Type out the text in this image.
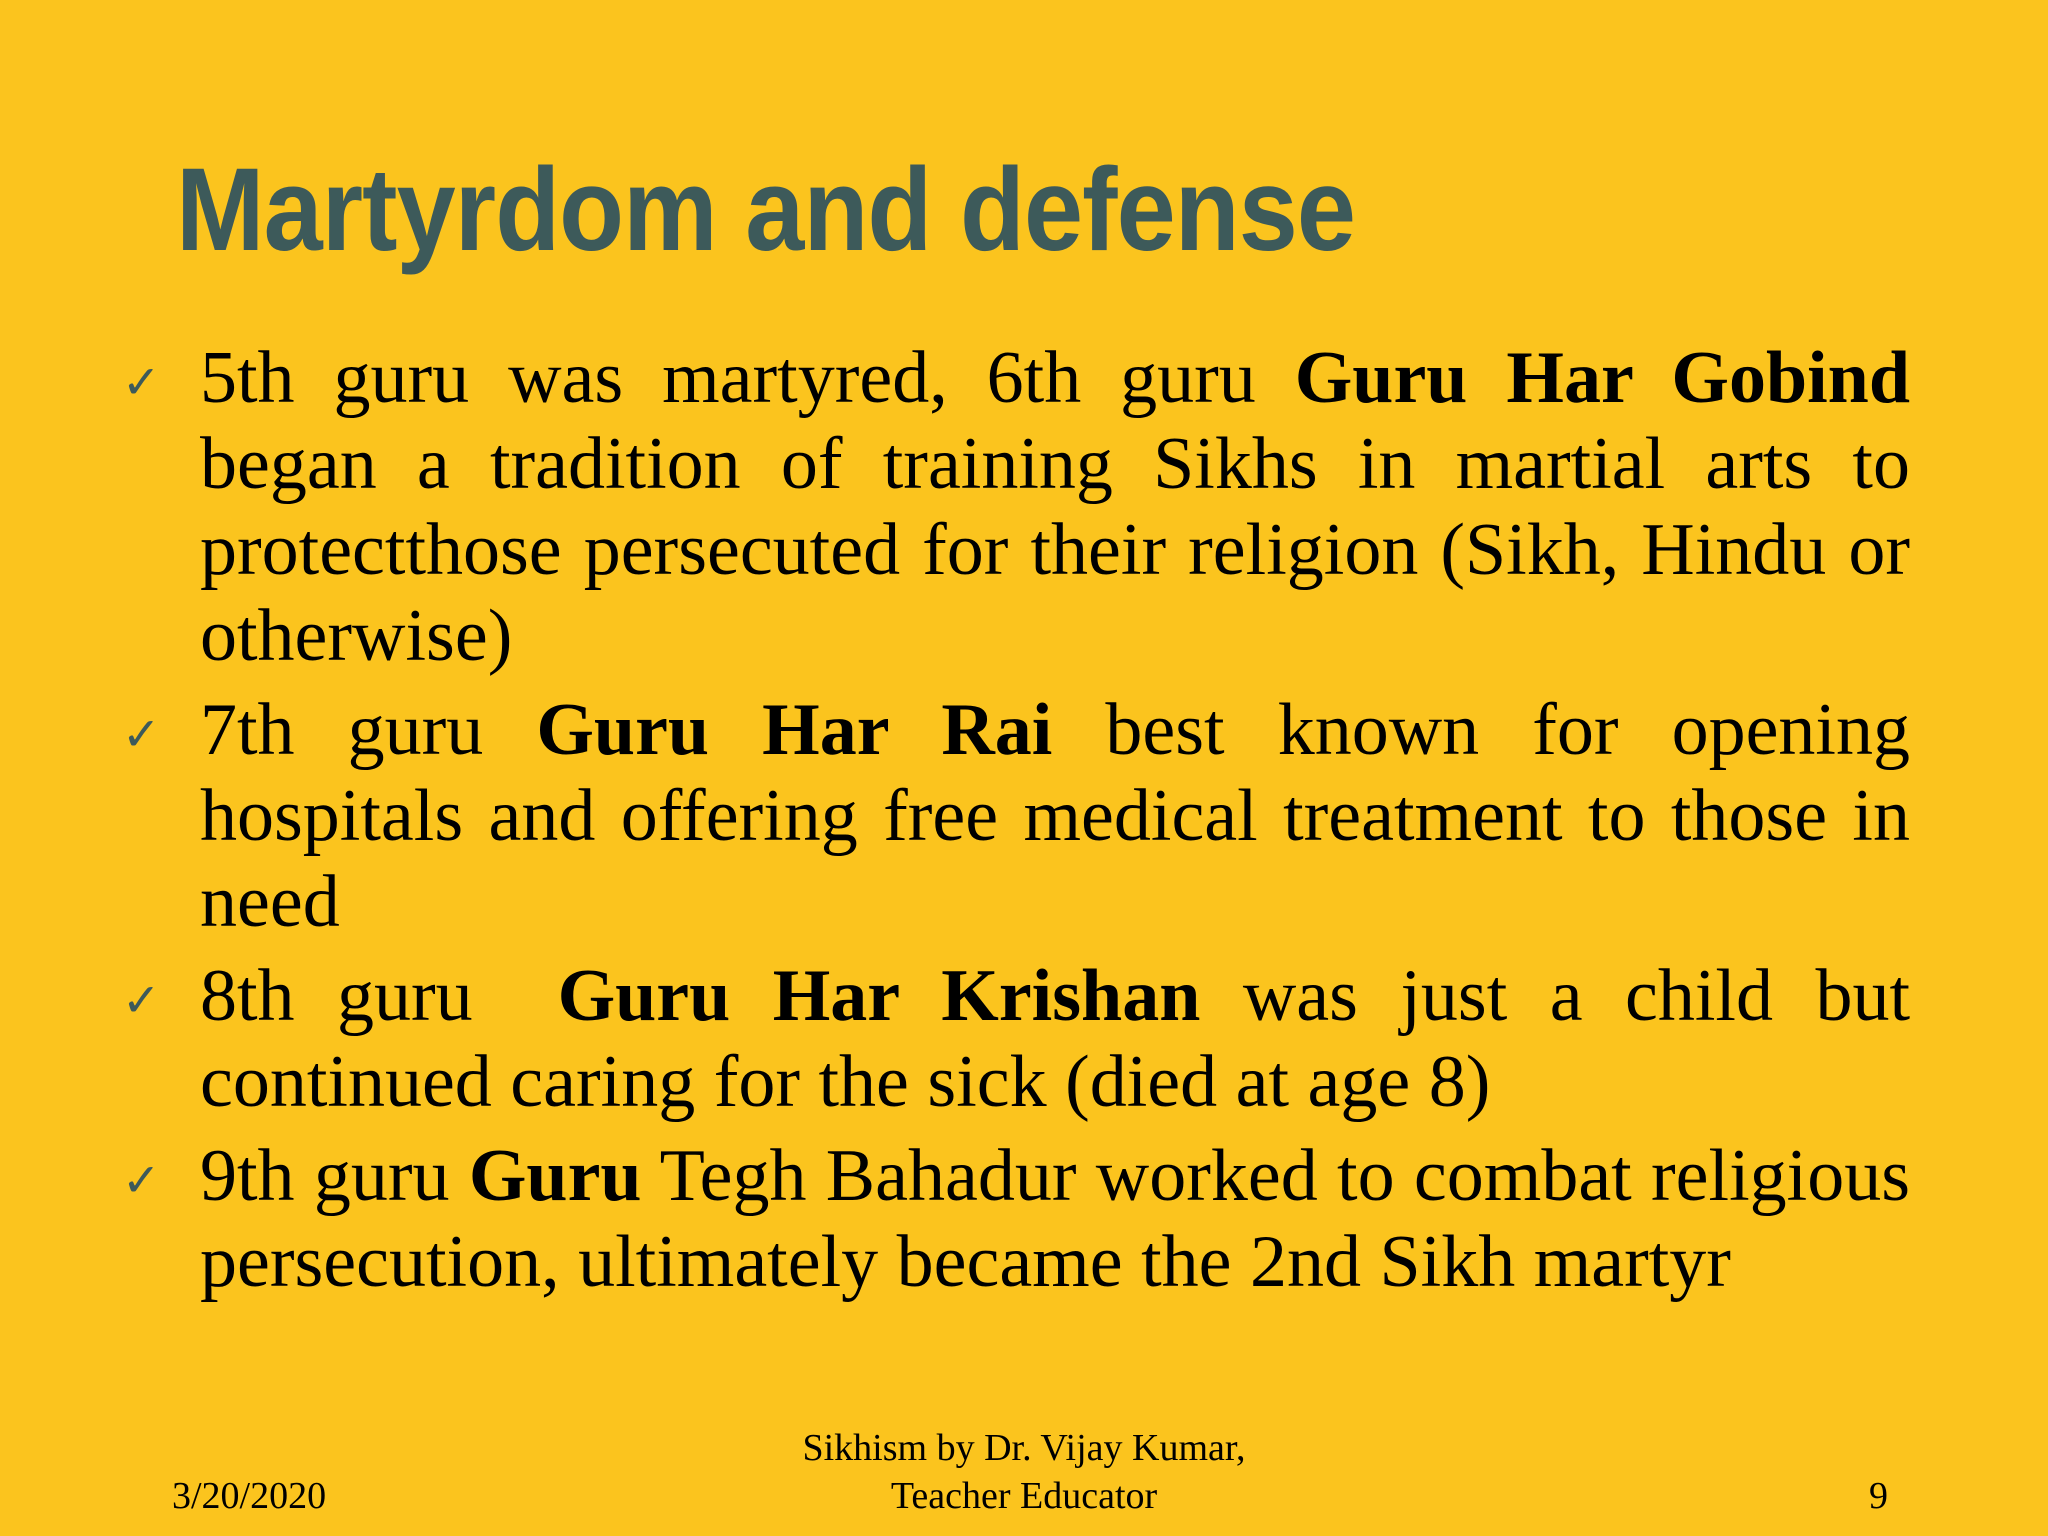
Martyrdom and defense
✓ 5th guru was martyred, 6th guru Guru Har Gobind began a tradition of training Sikhs in martial arts to protectthose persecuted for their religion (Sikh, Hindu or otherwise)
✓ 7th guru Guru Har Rai best known for opening hospitals and offering free medical treatment to those in need
✓ 8th guru  Guru Har Krishan was just a child but continued caring for the sick (died at age 8)
✓ 9th guru Guru Tegh Bahadur worked to combat religious persecution, ultimately became the 2nd Sikh martyr
3/20/2020
Sikhism by Dr. Vijay Kumar,
Teacher Educator	9
